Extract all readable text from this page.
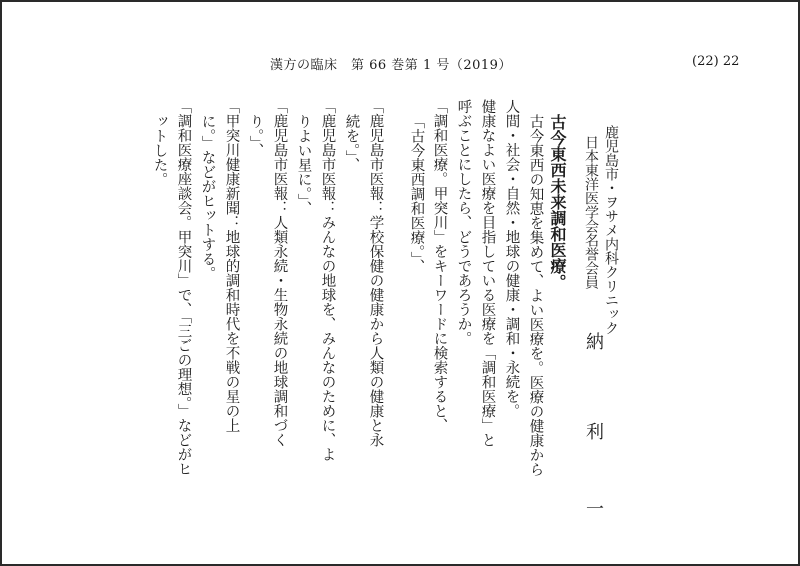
漢方の臨床　第 66 巻第 1 号（2019）	(22) 22
鹿児島市・ヲサメ内科クリニック
日本東洋医学会名誉会員
納
利
一
古今東西未来調和医療。
古今東西の知恵を集めて、よい医療を。医療の健康から
人間・社会・自然・地球の健康・調和・永続を。
健康なよい医療を目指している医療を「調和医療」と
呼ぶことにしたら、どうであろうか。
「調和医療。甲突川」をキーワードに検索すると、
「古今東西調和医療。」、
「鹿児島市医報：学校保健の健康から人類の健康と永
続を。」、
「鹿児島市医報：みんなの地球を、みんなのために、よ
りよい星に。」、
「鹿児島市医報：人類永続・生物永続の地球調和づく
り。」、
「甲突川健康新聞：地球的調和時代を不戦の星の上
に。」などがヒットする。
「調和医療座談会。甲突川」で、「三ごの理想。」などがヒ
ットした。
